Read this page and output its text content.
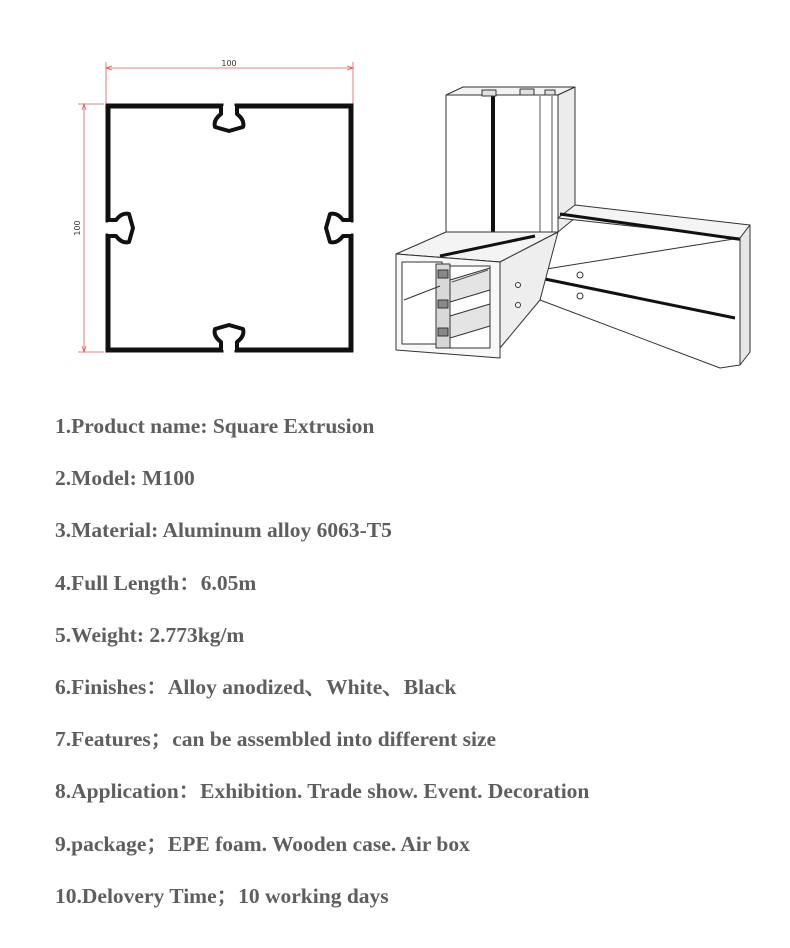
100
100
1.Product name: Square Extrusion
2.Model: M100
3.Material: Aluminum alloy 6063-T5
4.Full Length：6.05m
5.Weight: 2.773kg/m
6.Finishes：Alloy anodized、White、Black
7.Features；can be assembled into different size
8.Application：Exhibition. Trade show. Event. Decoration
9.package；EPE foam. Wooden case. Air box
10.Delovery Time；10 working days
